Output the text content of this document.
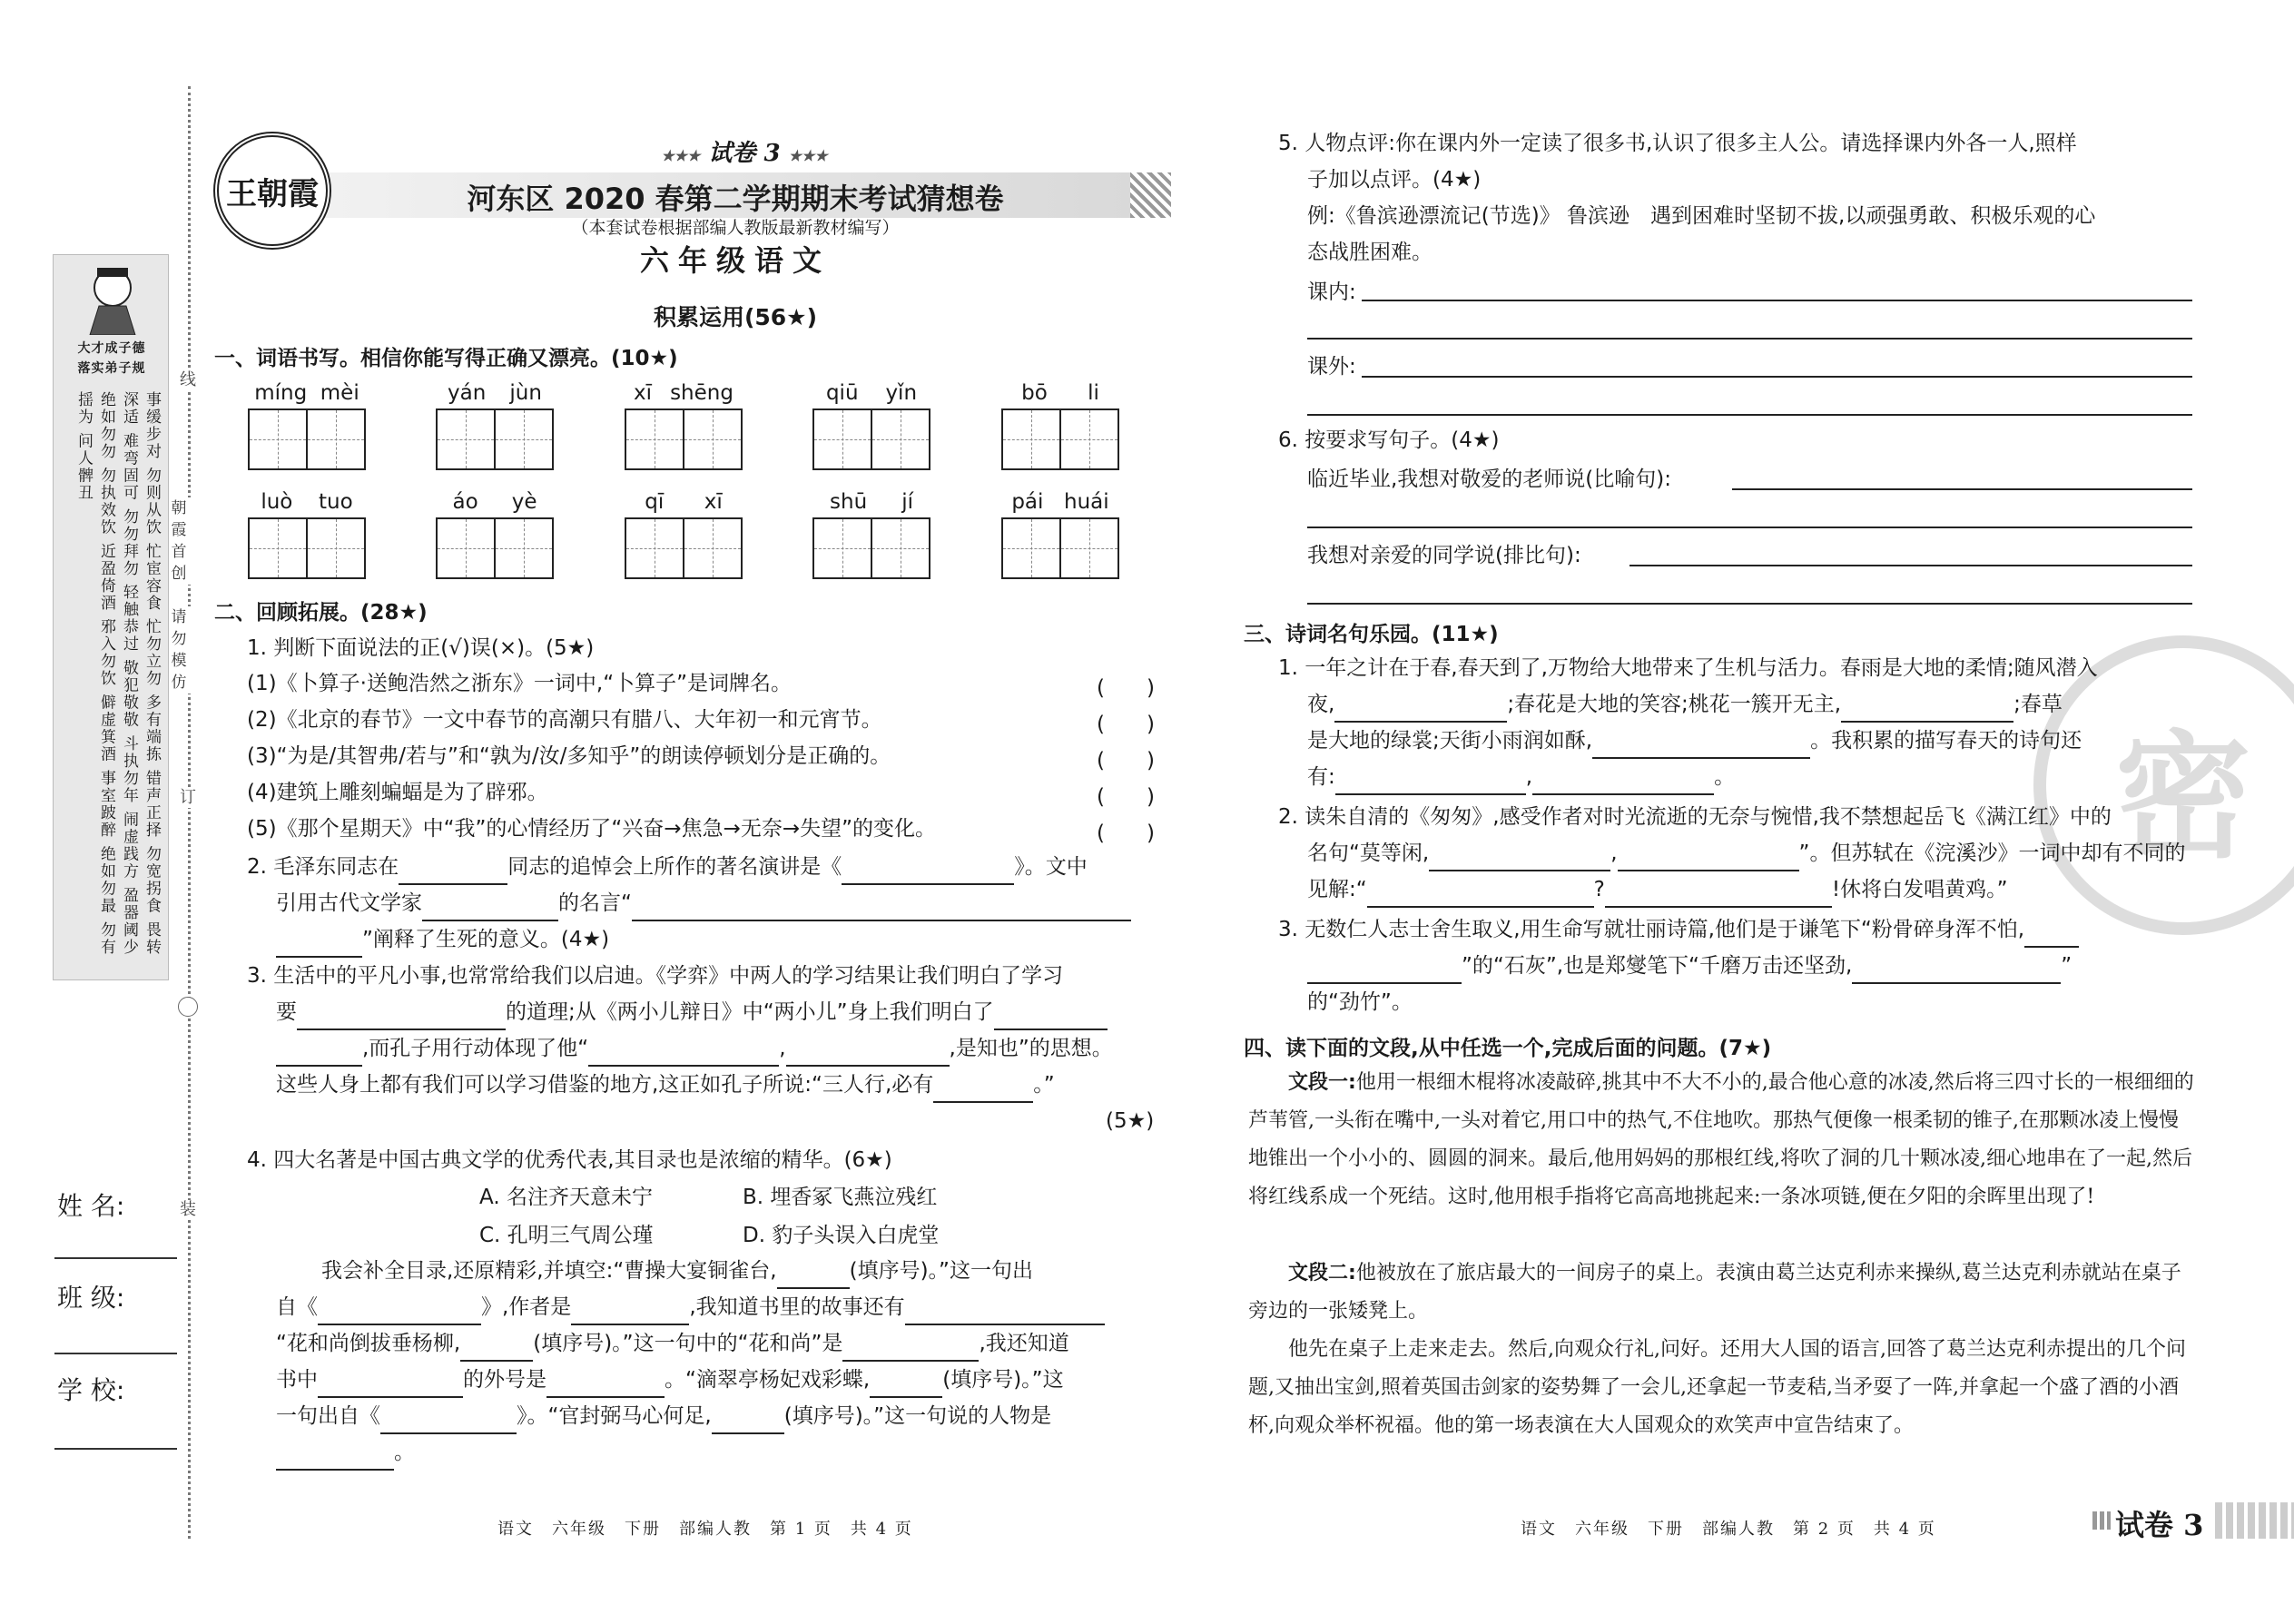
线
朝霞首创
请勿模仿
订
装
大才成子德
落实弟子规
事缓步对 勿则从饮 忙宦容食 忙勿立勿 多有端拣 错声正择 勿宽拐食 畏转深适 难弯固可 勿勿拜勿 轻触恭过 敬犯敬敬 斗执勿年 闹虚践方 盈器阈少 绝如勿勿 勿执效饮 近盈倚酒 邪入勿饮 僻虚箕酒 事室跛醉 绝如勿最 勿有揺为 问人髀丑
姓 名:
班 级:
学 校:
王朝霞
★★★ 试卷 3 ★★★
河东区 2020 春第二学期期末考试猜想卷
（本套试卷根据部编人教版最新教材编写）
六年级语文
积累运用(56★)
一、词语书写。相信你能写得正确又漂亮。(10★)
míng mèi	yán jùn	xī shēng	qiū yǐn	bō li
luò tuo	áo yè	qī xī	shū jí	pái huái
二、回顾拓展。(28★)
1. 判断下面说法的正(√)误(×)。(5★)
(1)《卜算子·送鲍浩然之浙东》一词中,“卜算子”是词牌名。	(　　)
(2)《北京的春节》一文中春节的高潮只有腊八、大年初一和元宵节。	(　　)
(3)“为是/其智弗/若与”和“孰为/汝/多知乎”的朗读停顿划分是正确的。	(　　)
(4)建筑上雕刻蝙蝠是为了辟邪。	(　　)
(5)《那个星期天》中“我”的心情经历了“兴奋→焦急→无奈→失望”的变化。	(　　)
2. 毛泽东同志在	同志的追悼会上所作的著名演讲是《	》。文中
引用古代文学家	的名言“
”阐释了生死的意义。(4★)
3. 生活中的平凡小事,也常常给我们以启迪。《学弈》中两人的学习结果让我们明白了学习
要	的道理;从《两小儿辩日》中“两小儿”身上我们明白了
,而孔子用行动体现了他“	,	,是知也”的思想。
这些人身上都有我们可以学习借鉴的地方,这正如孔子所说:“三人行,必有	。”
(5★)
4. 四大名著是中国古典文学的优秀代表,其目录也是浓缩的精华。(6★)
A. 名注齐天意未宁	B. 埋香冢飞燕泣残红
C. 孔明三气周公瑾	D. 豹子头误入白虎堂
我会补全目录,还原精彩,并填空:“曹操大宴铜雀台,	(填序号)。”这一句出
自《	》,作者是	,我知道书里的故事还有
“花和尚倒拔垂杨柳,	(填序号)。”这一句中的“花和尚”是	,我还知道
书中	的外号是	。“滴翠亭杨妃戏彩蝶,	(填序号)。”这
一句出自《	》。“官封弼马心何足,	(填序号)。”这一句说的人物是
。
语文　六年级　下册　部编人教　第 1 页　共 4 页
密
5. 人物点评:你在课内外一定读了很多书,认识了很多主人公。请选择课内外各一人,照样
子加以点评。(4★)
例:《鲁滨逊漂流记(节选)》 鲁滨逊　遇到困难时坚韧不拔,以顽强勇敢、积极乐观的心
态战胜困难。
课内:
课外:
6. 按要求写句子。(4★)
临近毕业,我想对敬爱的老师说(比喻句):
我想对亲爱的同学说(排比句):
三、诗词名句乐园。(11★)
1. 一年之计在于春,春天到了,万物给大地带来了生机与活力。春雨是大地的柔情;随风潜入
夜,	;春花是大地的笑容;桃花一簇开无主,	;春草
是大地的绿裳;天街小雨润如酥,	。我积累的描写春天的诗句还
有:	,	。
2. 读朱自清的《匆匆》,感受作者对时光流逝的无奈与惋惜,我不禁想起岳飞《满江红》中的
名句“莫等闲,	,	”。但苏轼在《浣溪沙》一词中却有不同的
见解:“	?	!休将白发唱黄鸡。”
3. 无数仁人志士舍生取义,用生命写就壮丽诗篇,他们是于谦笔下“粉骨碎身浑不怕,
”的“石灰”,也是郑燮笔下“千磨万击还坚劲,	”
的“劲竹”。
四、读下面的文段,从中任选一个,完成后面的问题。(7★)
文段一:他用一根细木棍将冰凌敲碎,挑其中不大不小的,最合他心意的冰凌,然后将三四寸长的一根细细的芦苇管,一头衔在嘴中,一头对着它,用口中的热气,不住地吹。那热气便像一根柔韧的锥子,在那颗冰凌上慢慢地锥出一个小小的、圆圆的洞来。最后,他用妈妈的那根红线,将吹了洞的几十颗冰凌,细心地串在了一起,然后将红线系成一个死结。这时,他用根手指将它高高地挑起来:一条冰项链,便在夕阳的余晖里出现了!
文段二:他被放在了旅店最大的一间房子的桌上。表演由葛兰达克利赤来操纵,葛兰达克利赤就站在桌子旁边的一张矮凳上。
他先在桌子上走来走去。然后,向观众行礼,问好。还用大人国的语言,回答了葛兰达克利赤提出的几个问题,又抽出宝剑,照着英国击剑家的姿势舞了一会儿,还拿起一节麦秸,当矛耍了一阵,并拿起一个盛了酒的小酒杯,向观众举杯祝福。他的第一场表演在大人国观众的欢笑声中宣告结束了。
语文　六年级　下册　部编人教　第 2 页　共 4 页	试卷 3
